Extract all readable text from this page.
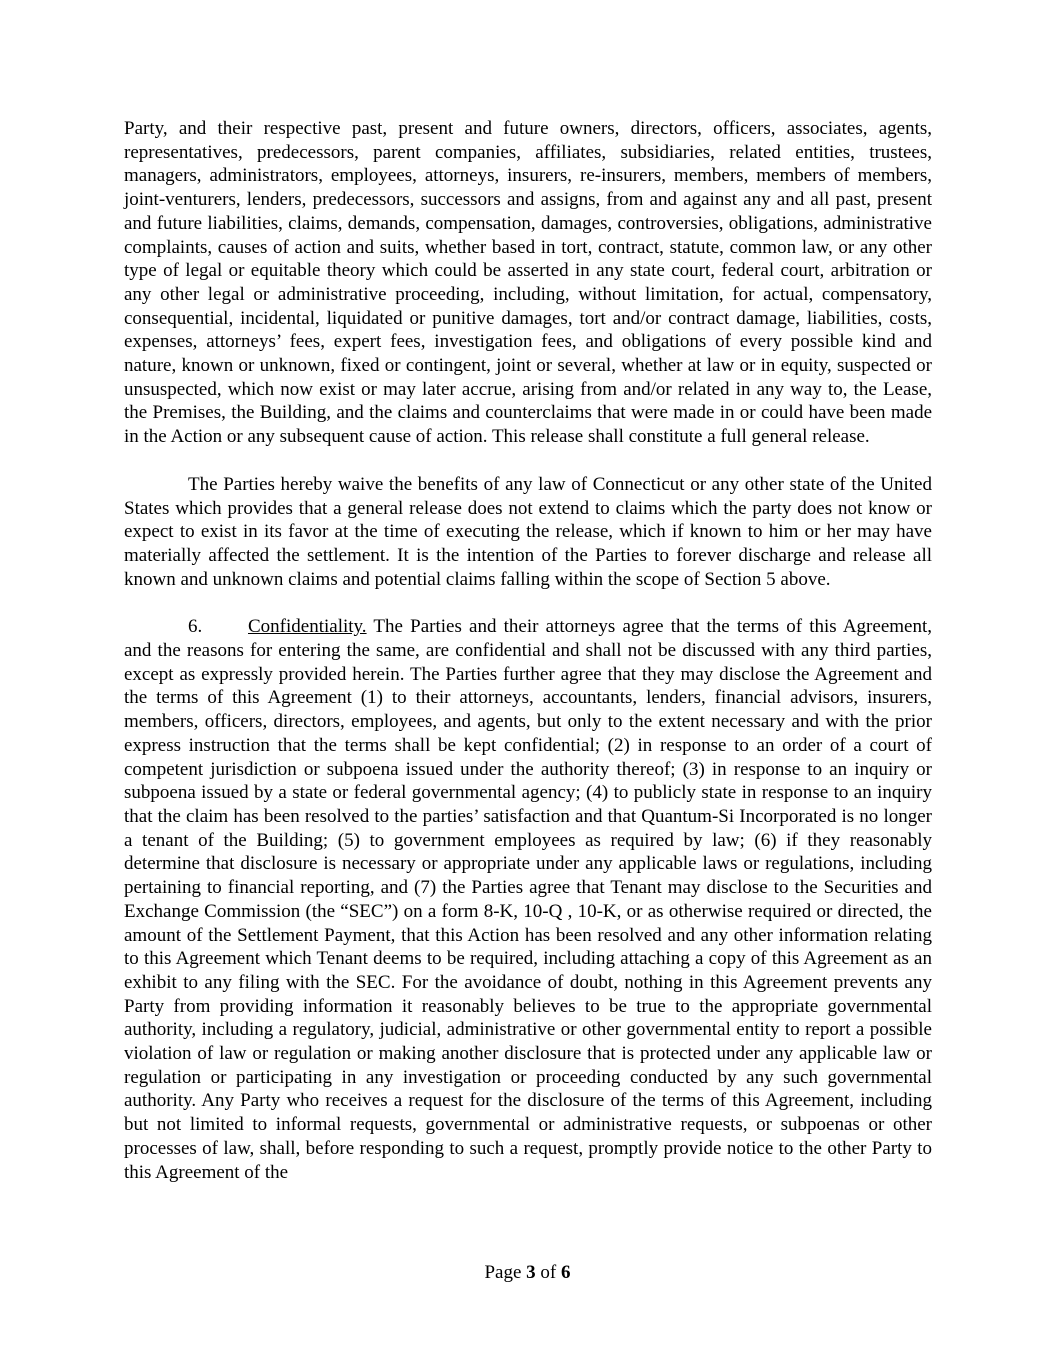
Party, and their respective past, present and future owners, directors, officers, associates, agents, representatives, predecessors, parent companies, affiliates, subsidiaries, related entities, trustees, managers, administrators, employees, attorneys, insurers, re-insurers, members, members of members, joint-venturers, lenders, predecessors, successors and assigns, from and against any and all past, present and future liabilities, claims, demands, compensation, damages, controversies, obligations, administrative complaints, causes of action and suits, whether based in tort, contract, statute, common law, or any other type of legal or equitable theory which could be asserted in any state court, federal court, arbitration or any other legal or administrative proceeding, including, without limitation, for actual, compensatory, consequential, incidental, liquidated or punitive damages, tort and/or contract damage, liabilities, costs, expenses, attorneys’ fees, expert fees, investigation fees, and obligations of every possible kind and nature, known or unknown, fixed or contingent, joint or several, whether at law or in equity, suspected or unsuspected, which now exist or may later accrue, arising from and/or related in any way to, the Lease, the Premises, the Building, and the claims and counterclaims that were made in or could have been made in the Action or any subsequent cause of action. This release shall constitute a full general release.

The Parties hereby waive the benefits of any law of Connecticut or any other state of the United States which provides that a general release does not extend to claims which the party does not know or expect to exist in its favor at the time of executing the release, which if known to him or her may have materially affected the settlement. It is the intention of the Parties to forever discharge and release all known and unknown claims and potential claims falling within the scope of Section 5 above.

6. Confidentiality. The Parties and their attorneys agree that the terms of this Agreement, and the reasons for entering the same, are confidential and shall not be discussed with any third parties, except as expressly provided herein. The Parties further agree that they may disclose the Agreement and the terms of this Agreement (1) to their attorneys, accountants, lenders, financial advisors, insurers, members, officers, directors, employees, and agents, but only to the extent necessary and with the prior express instruction that the terms shall be kept confidential; (2) in response to an order of a court of competent jurisdiction or subpoena issued under the authority thereof; (3) in response to an inquiry or subpoena issued by a state or federal governmental agency; (4) to publicly state in response to an inquiry that the claim has been resolved to the parties’ satisfaction and that Quantum-Si Incorporated is no longer a tenant of the Building; (5) to government employees as required by law; (6) if they reasonably determine that disclosure is necessary or appropriate under any applicable laws or regulations, including pertaining to financial reporting, and (7) the Parties agree that Tenant may disclose to the Securities and Exchange Commission (the “SEC”) on a form 8-K, 10-Q , 10-K, or as otherwise required or directed, the amount of the Settlement Payment, that this Action has been resolved and any other information relating to this Agreement which Tenant deems to be required, including attaching a copy of this Agreement as an exhibit to any filing with the SEC. For the avoidance of doubt, nothing in this Agreement prevents any Party from providing information it reasonably believes to be true to the appropriate governmental authority, including a regulatory, judicial, administrative or other governmental entity to report a possible violation of law or regulation or making another disclosure that is protected under any applicable law or regulation or participating in any investigation or proceeding conducted by any such governmental authority. Any Party who receives a request for the disclosure of the terms of this Agreement, including but not limited to informal requests, governmental or administrative requests, or subpoenas or other processes of law, shall, before responding to such a request, promptly provide notice to the other Party to this Agreement of the

Page 3 of 6
